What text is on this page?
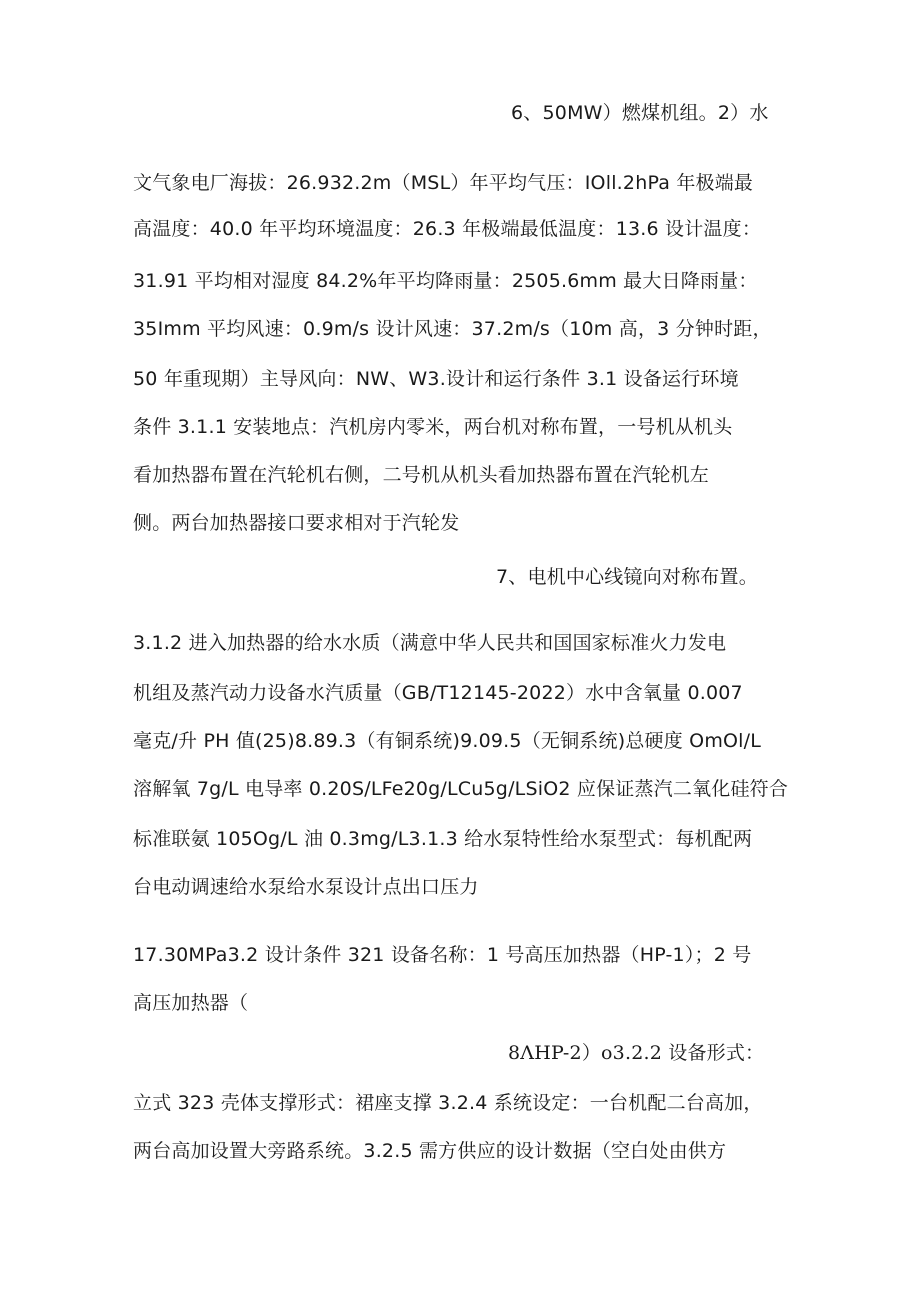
6、50MW）燃煤机组。2）水
文气象电厂海拔：26.932.2m（MSL）年平均气压：IOll.2hPa 年极端最
高温度：40.0 年平均环境温度：26.3 年极端最低温度：13.6 设计温度：
31.91 平均相对湿度 84.2%年平均降雨量：2505.6mm 最大日降雨量：
35Imm 平均风速：0.9m∕s 设计风速：37.2m∕s（10m 高，3 分钟时距，
50 年重现期）主导风向：NW、W3.设计和运行条件 3.1 设备运行环境
条件 3.1.1 安装地点：汽机房内零米，两台机对称布置，一号机从机头
看加热器布置在汽轮机右侧，二号机从机头看加热器布置在汽轮机左
侧。两台加热器接口要求相对于汽轮发
7、电机中心线镜向对称布置。
3.1.2 进入加热器的给水水质（满意中华人民共和国国家标准火力发电
机组及蒸汽动力设备水汽质量（GB/T12145-2022）水中含氧量 0.007
毫克/升 PH 值(25)8.89.3（有铜系统)9.09.5（无铜系统)总硬度 OmOl/L
溶解氧 7g∕L 电导率 0.20S∕LFe20g/LCu5g∕LSiO2 应保证蒸汽二氧化硅符合
标准联氨 105Og/L 油 0.3mg∕L3.1.3 给水泵特性给水泵型式：每机配两
台电动调速给水泵给水泵设计点出口压力
17.30MPa3.2 设计条件 321 设备名称：1 号高压加热器（HP-1）；2 号
高压加热器（
8ΛHP-2）o3.2.2 设备形式：
立式 323 壳体支撑形式：裙座支撑 3.2.4 系统设定：一台机配二台高加，
两台高加设置大旁路系统。3.2.5 需方供应的设计数据（空白处由供方
